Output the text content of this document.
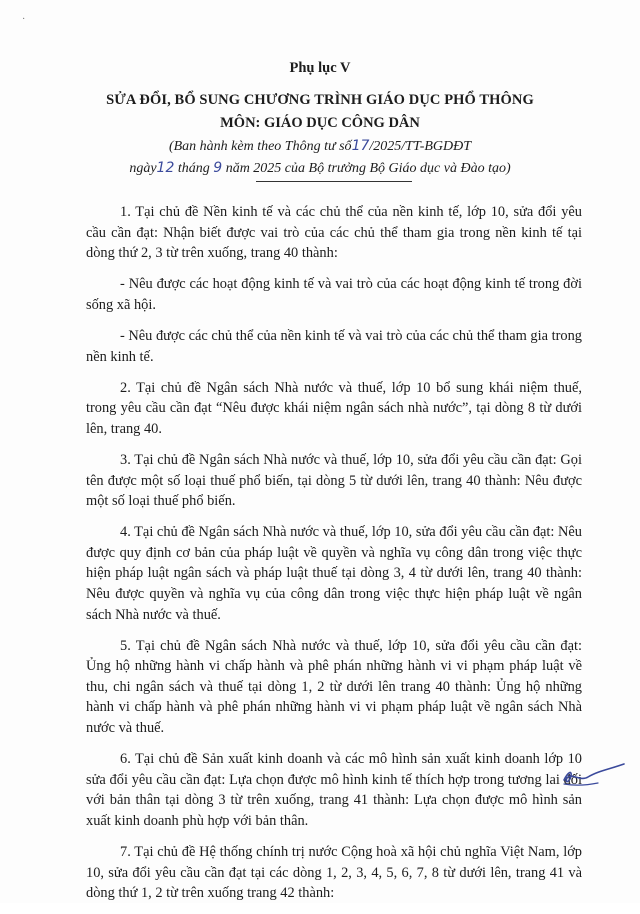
·
Phụ lục V
SỬA ĐỔI, BỔ SUNG CHƯƠNG TRÌNH GIÁO DỤC PHỔ THÔNG
MÔN: GIÁO DỤC CÔNG DÂN
(Ban hành kèm theo Thông tư số17/2025/TT-BGDĐT
ngày12 tháng 9 năm 2025 của Bộ trưởng Bộ Giáo dục và Đào tạo)

1. Tại chủ đề Nền kinh tế và các chủ thể của nền kinh tế, lớp 10, sửa đổi yêu cầu cần đạt: Nhận biết được vai trò của các chủ thể tham gia trong nền kinh tế tại dòng thứ 2, 3 từ trên xuống, trang 40 thành:

- Nêu được các hoạt động kinh tế và vai trò của các hoạt động kinh tế trong đời sống xã hội.

- Nêu được các chủ thể của nền kinh tế và vai trò của các chủ thể tham gia trong nền kinh tế.

2. Tại chủ đề Ngân sách Nhà nước và thuế, lớp 10 bổ sung khái niệm thuế, trong yêu cầu cần đạt “Nêu được khái niệm ngân sách nhà nước”, tại dòng 8 từ dưới lên, trang 40.

3. Tại chủ đề Ngân sách Nhà nước và thuế, lớp 10, sửa đổi yêu cầu cần đạt: Gọi tên được một số loại thuế phổ biến, tại dòng 5 từ dưới lên, trang 40 thành: Nêu được một số loại thuế phổ biến.

4. Tại chủ đề Ngân sách Nhà nước và thuế, lớp 10, sửa đổi yêu cầu cần đạt: Nêu được quy định cơ bản của pháp luật về quyền và nghĩa vụ công dân trong việc thực hiện pháp luật ngân sách và pháp luật thuế tại dòng 3, 4 từ dưới lên, trang 40 thành: Nêu được quyền và nghĩa vụ của công dân trong việc thực hiện pháp luật về ngân sách Nhà nước và thuế.

5. Tại chủ đề Ngân sách Nhà nước và thuế, lớp 10, sửa đổi yêu cầu cần đạt: Ủng hộ những hành vi chấp hành và phê phán những hành vi vi phạm pháp luật về thu, chi ngân sách và thuế tại dòng 1, 2 từ dưới lên trang 40 thành: Ủng hộ những hành vi chấp hành và phê phán những hành vi vi phạm pháp luật về ngân sách Nhà nước và thuế.

6. Tại chủ đề Sản xuất kinh doanh và các mô hình sản xuất kinh doanh lớp 10 sửa đổi yêu cầu cần đạt: Lựa chọn được mô hình kinh tế thích hợp trong tương lai đối với bản thân tại dòng 3 từ trên xuống, trang 41 thành: Lựa chọn được mô hình sản xuất kinh doanh phù hợp với bản thân.

7. Tại chủ đề Hệ thống chính trị nước Cộng hoà xã hội chủ nghĩa Việt Nam, lớp 10, sửa đổi yêu cầu cần đạt tại các dòng 1, 2, 3, 4, 5, 6, 7, 8 từ dưới lên, trang 41 và dòng thứ 1, 2 từ trên xuống trang 42 thành:
